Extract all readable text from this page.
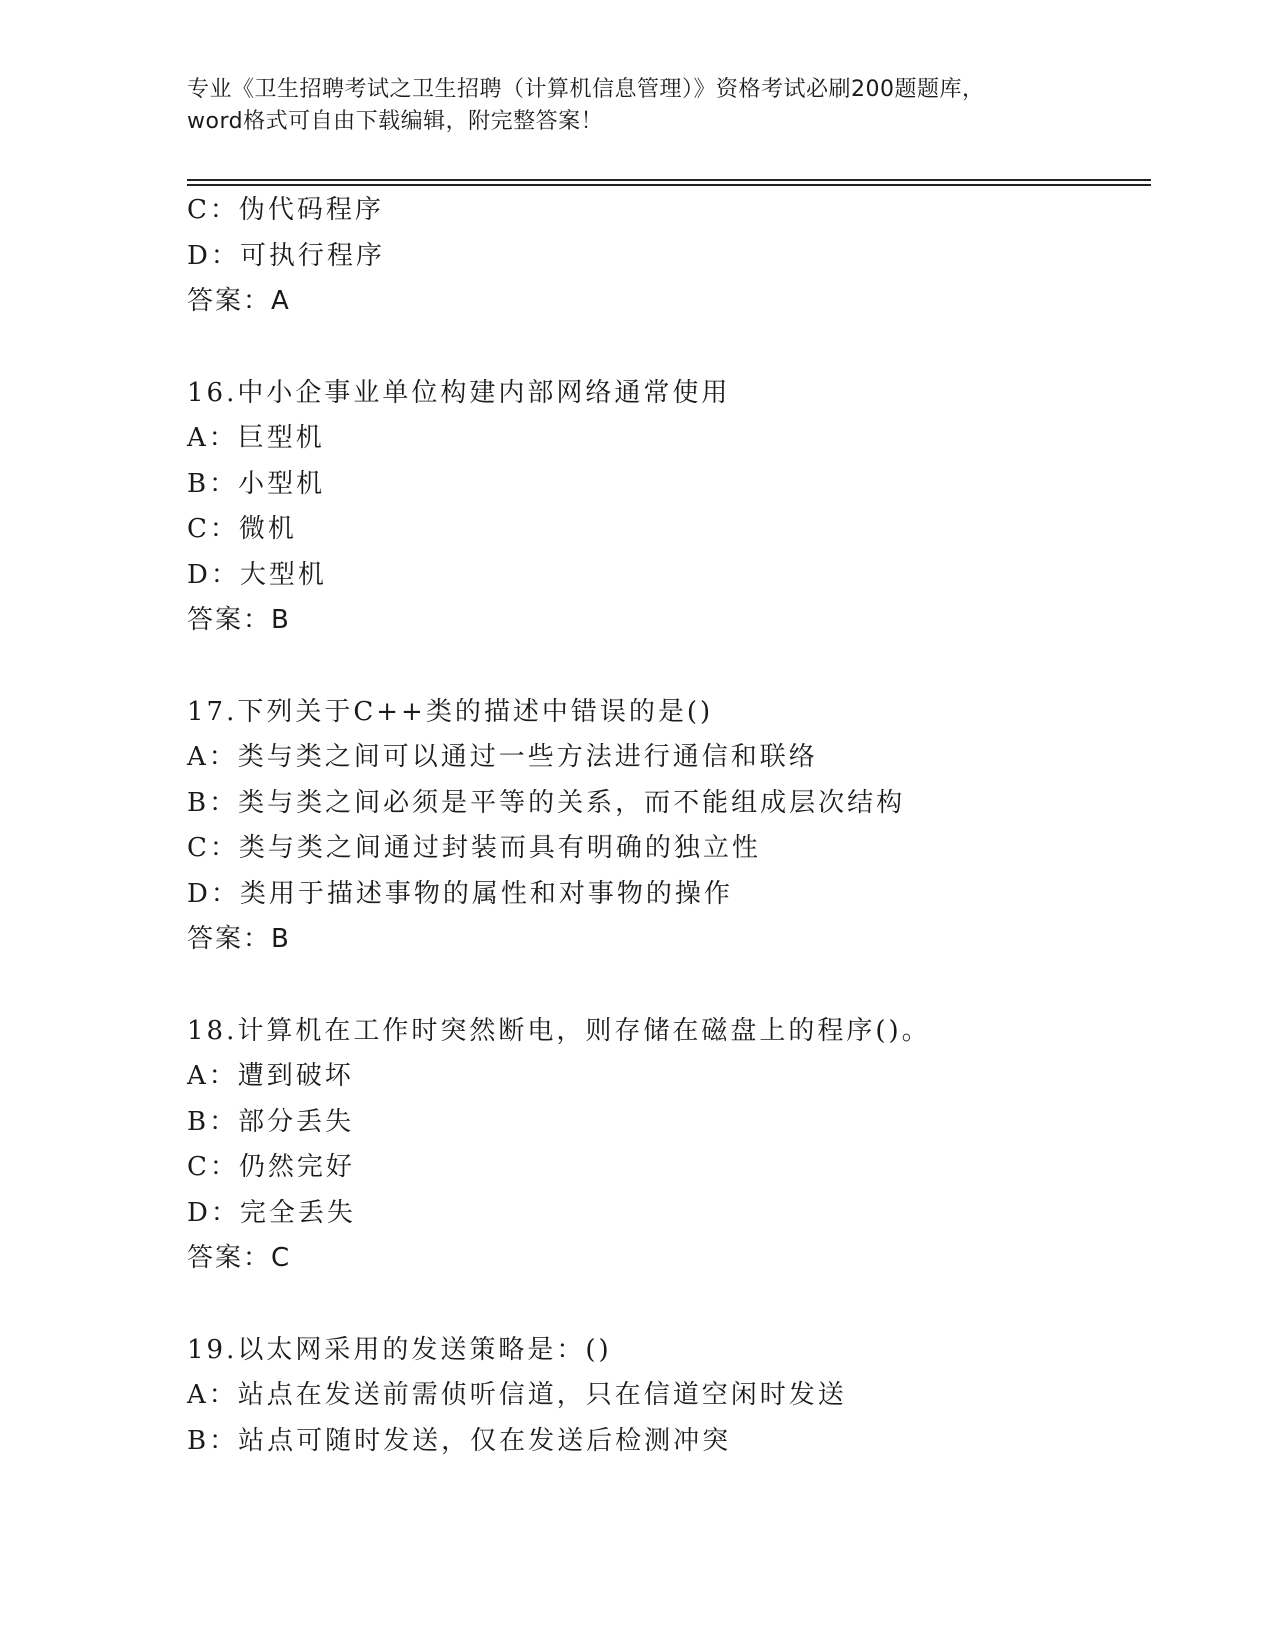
专业《卫生招聘考试之卫生招聘（计算机信息管理）》资格考试必刷200题题库，
word格式可自由下载编辑，附完整答案！
C：伪代码程序
D：可执行程序
答案：A
16.中小企事业单位构建内部网络通常使用
A：巨型机
B：小型机
C：微机
D：大型机
答案：B
17.下列关于C++类的描述中错误的是()
A：类与类之间可以通过一些方法进行通信和联络
B：类与类之间必须是平等的关系，而不能组成层次结构
C：类与类之间通过封装而具有明确的独立性
D：类用于描述事物的属性和对事物的操作
答案：B
18.计算机在工作时突然断电，则存储在磁盘上的程序()。
A：遭到破坏
B：部分丢失
C：仍然完好
D：完全丢失
答案：C
19.以太网采用的发送策略是：()
A：站点在发送前需侦听信道，只在信道空闲时发送
B：站点可随时发送，仅在发送后检测冲突
